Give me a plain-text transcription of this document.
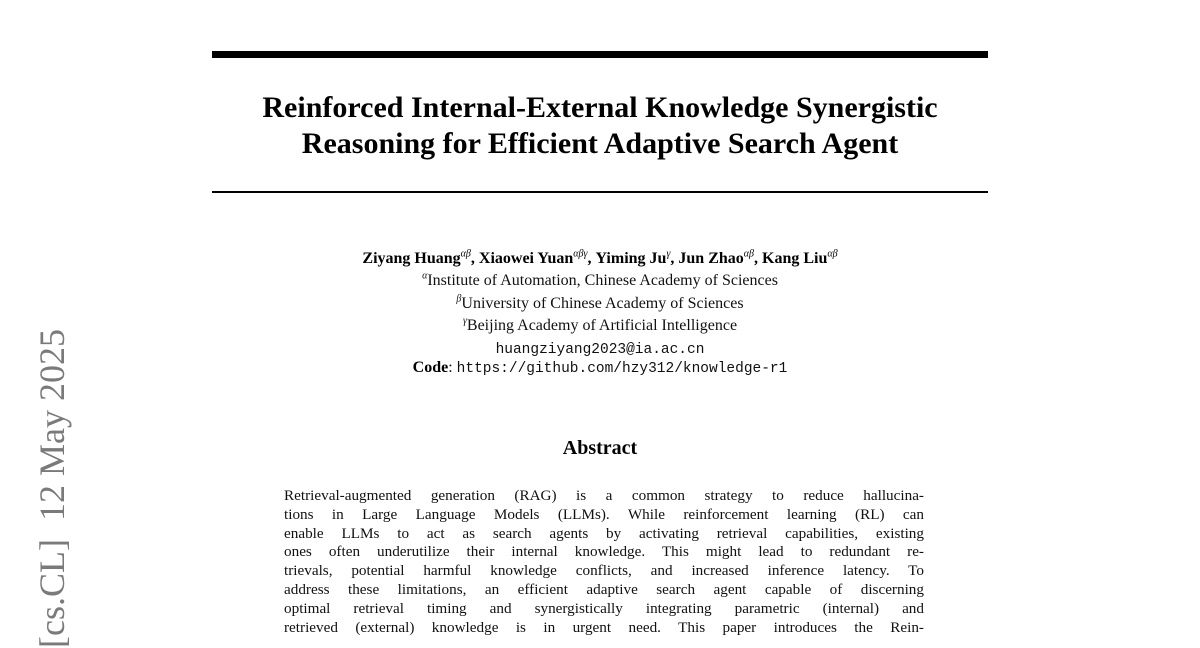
Reinforced Internal-External Knowledge Synergistic
Reasoning for Efficient Adaptive Search Agent
Ziyang Huang$^{\alpha\beta}$, Xiaowei Yuan$^{\alpha\beta\gamma}$, Yiming $Ju^\gamma$, Jun Zhao$^{\alpha\beta}$, Kang Liu$^{\alpha\beta}$
$^\alpha$Institute of Automation, Chinese Academy of Sciences
$^\beta$University of Chinese Academy of Sciences
$^\gamma$Beijing Academy of Artificial Intelligence
huangziyang2023@ia.ac.cn
Code: https://github.com/hzy312/knowledge-r1
Abstract
Retrieval-augmented generation (RAG) is a common strategy to reduce hallucina-
tions in Large Language Models (LLMs). While reinforcement learning (RL) can
enable LLMs to act as search agents by activating retrieval capabilities, existing
ones often underutilize their internal knowledge. This might lead to redundant re-
trievals, potential harmful knowledge conflicts, and increased inference latency. To
address these limitations, an efficient adaptive search agent capable of discerning
optimal retrieval timing and synergistically integrating parametric (internal) and
retrieved (external) knowledge is in urgent need. This paper introduces the Rein-
[cs.CL]  12 May 2025
